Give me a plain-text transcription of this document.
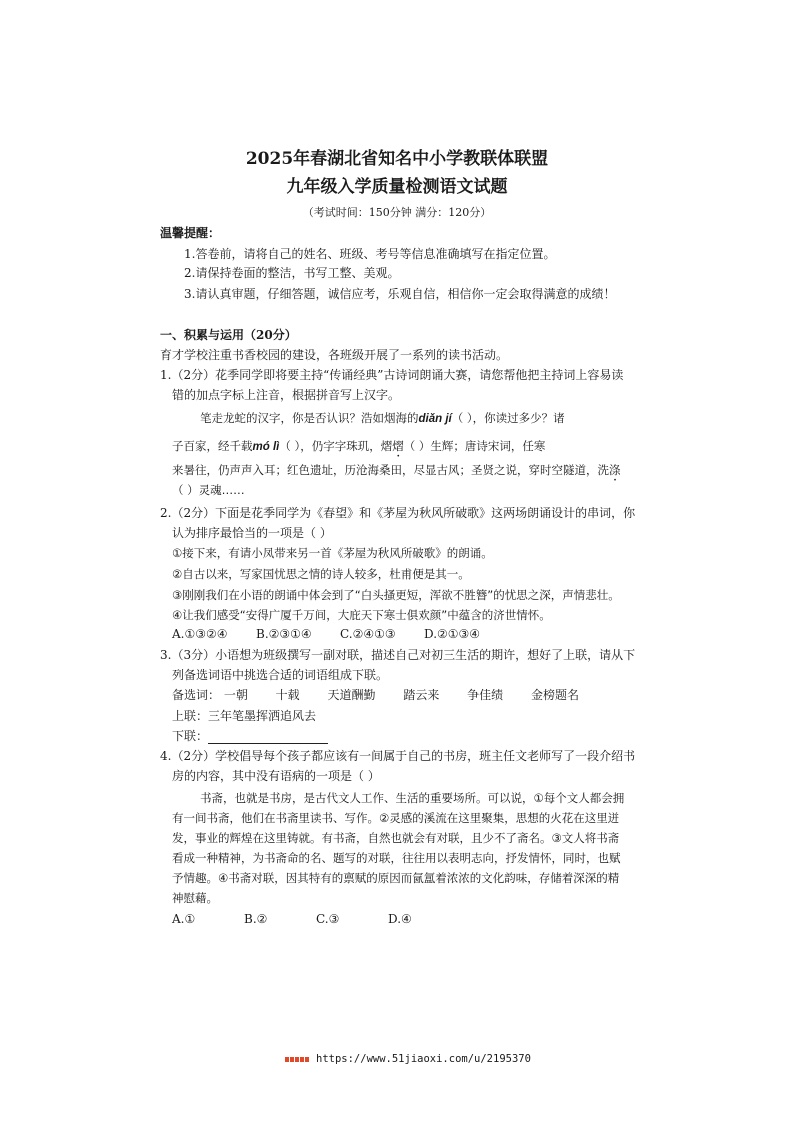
2025年春湖北省知名中小学教联体联盟
九年级入学质量检测语文试题
（考试时间：150分钟 满分：120分）
温馨提醒：
1.答卷前，请将自己的姓名、班级、考号等信息准确填写在指定位置。
2.请保持卷面的整洁，书写工整、美观。
3.请认真审题，仔细答题，诚信应考，乐观自信，相信你一定会取得满意的成绩！
一、积累与运用（20分）
育才学校注重书香校园的建设，各班级开展了一系列的读书活动。
1.（2分）花季同学即将要主持“传诵经典”古诗词朗诵大赛，请您帮他把主持词上容易读
错的加点字标上注音，根据拼音写上汉字。
笔走龙蛇的汉字，你是否认识？浩如烟海的diǎn jí（ ），你读过多少？诸
子百家，经千载mó lì（ ），仍字字珠玑，熠熠（ ）生辉；唐诗宋词，任寒
来暑往，仍声声入耳；红色遗址，历沧海桑田，尽显古风；圣贤之说，穿时空隧道，洗涤
（ ）灵魂……
2.（2分）下面是花季同学为《春望》和《茅屋为秋风所破歌》这两场朗诵设计的串词，你
认为排序最恰当的一项是（ ）
①接下来，有请小凤带来另一首《茅屋为秋风所破歌》的朗诵。
②自古以来，写家国忧思之情的诗人较多，杜甫便是其一。
③刚刚我们在小语的朗诵中体会到了“白头搔更短，浑欲不胜簪”的忧思之深，声情悲壮。
④让我们感受“安得广厦千万间，大庇天下寒士俱欢颜”中蕴含的济世情怀。
A.①③②④ B.②③①④ C.②④①③ D.②①③④
3.（3分）小语想为班级撰写一副对联，描述自己对初三生活的期许，想好了上联，请从下
列备选词语中挑选合适的词语组成下联。
备选词： 一朝 十载 天道酬勤 踏云来 争佳绩 金榜题名
上联：三年笔墨挥洒追风去
下联：
4.（2分）学校倡导每个孩子都应该有一间属于自己的书房，班主任文老师写了一段介绍书
房的内容，其中没有语病的一项是（ ）
书斋，也就是书房，是古代文人工作、生活的重要场所。可以说，①每个文人都会拥
有一间书斋，他们在书斋里读书、写作。②灵感的溪流在这里聚集，思想的火花在这里迸
发，事业的辉煌在这里铸就。有书斋，自然也就会有对联，且少不了斋名。③文人将书斋
看成一种精神，为书斋命的名、题写的对联，往往用以表明志向，抒发情怀，同时，也赋
予情趣。④书斋对联，因其特有的禀赋的原因而氤氲着浓浓的文化韵味，存储着深深的精
神慰藉。
A.①	B.②	C.③	D.④
https://www.51jiaoxi.com/u/2195370
